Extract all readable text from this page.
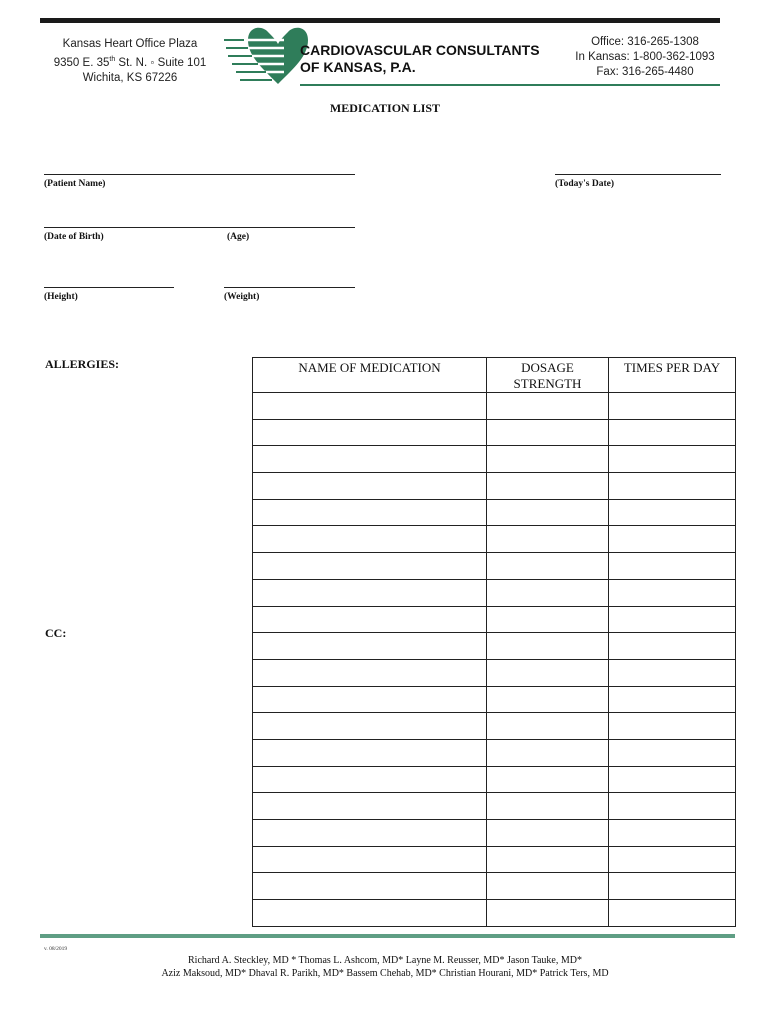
Kansas Heart Office Plaza
9350 E. 35th St. N. ◦ Suite 101
Wichita, KS 67226
CARDIOVASCULAR CONSULTANTS
OF KANSAS, P.A.
Office: 316-265-1308
In Kansas: 1-800-362-1093
Fax: 316-265-4480
MEDICATION LIST
(Patient Name)	(Today's Date)
(Date of Birth)	(Age)
(Height)	(Weight)
ALLERGIES:
CC:
NAME OF MEDICATION	DOSAGE STRENGTH	TIMES PER DAY

v. 08/2019
Richard A. Steckley, MD * Thomas L. Ashcom, MD* Layne M. Reusser, MD* Jason Tauke, MD*
Aziz Maksoud, MD* Dhaval R. Parikh, MD* Bassem Chehab, MD* Christian Hourani, MD* Patrick Ters, MD
